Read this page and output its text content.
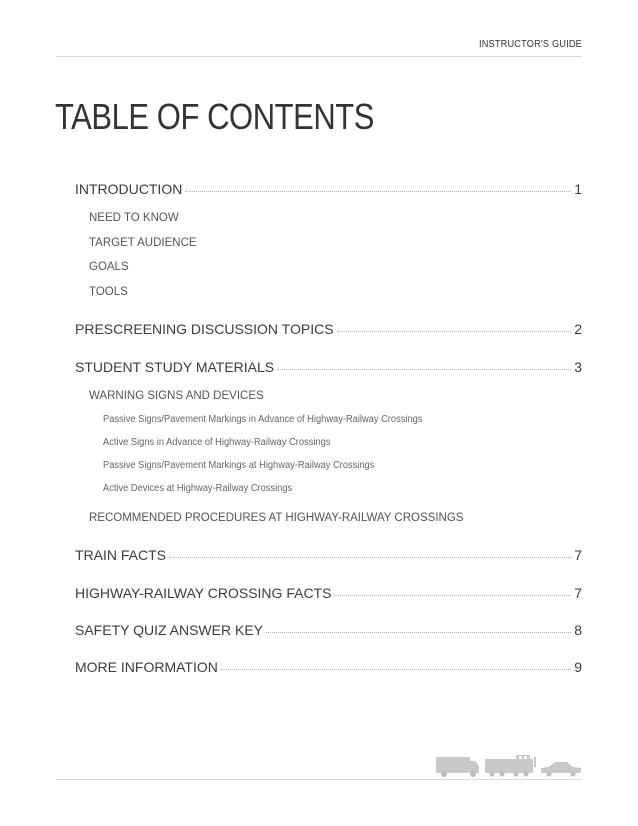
INSTRUCTOR'S GUIDE
TABLE OF CONTENTS
INTRODUCTION	1
NEED TO KNOW
TARGET AUDIENCE
GOALS
TOOLS
PRESCREENING DISCUSSION TOPICS	2
STUDENT STUDY MATERIALS	3
WARNING SIGNS AND DEVICES
Passive Signs/Pavement Markings in Advance of Highway-Railway Crossings
Active Signs in Advance of Highway-Railway Crossings
Passive Signs/Pavement Markings at Highway-Railway Crossings
Active Devices at Highway-Railway Crossings
RECOMMENDED PROCEDURES AT HIGHWAY-RAILWAY CROSSINGS
TRAIN FACTS	7
HIGHWAY-RAILWAY CROSSING FACTS	7
SAFETY QUIZ ANSWER KEY	8
MORE INFORMATION	9
